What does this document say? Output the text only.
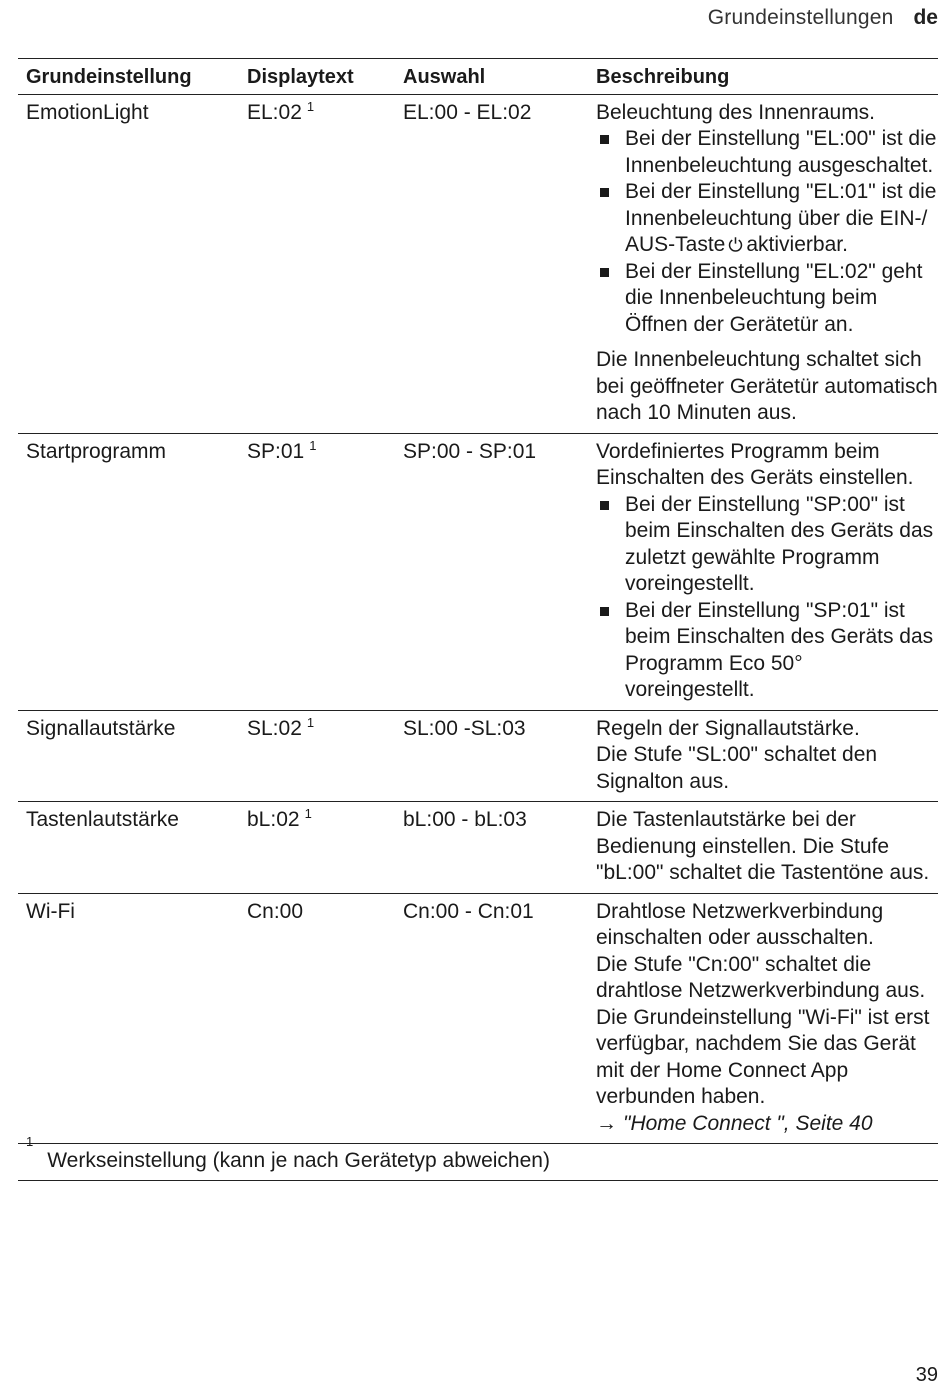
Grundeinstellungen de
Grundeinstellung	Displaytext	Auswahl	Beschreibung
EmotionLight	EL:02 $^1$	EL:00 - EL:02	Beleuchtung des Innenraums.
Bei der Einstellung "EL:00" ist die Innenbeleuchtung ausgeschaltet.
Bei der Einstellung "EL:01" ist die Innenbeleuchtung über die EIN-/ AUS-Taste aktivierbar.
Bei der Einstellung "EL:02" geht die Innenbeleuchtung beim Öffnen der Gerätetür an.
Die Innenbeleuchtung schaltet sich bei geöffneter Gerätetür automatisch nach 10 Minuten aus.
Startprogramm	SP:01 $^1$	SP:00 - SP:01	Vordefiniertes Programm beim Einschalten des Geräts einstellen.
Bei der Einstellung "SP:00" ist beim Einschalten des Geräts das zuletzt gewählte Programm voreingestellt.
Bei der Einstellung "SP:01" ist beim Einschalten des Geräts das Programm Eco 50° voreingestellt.
Signallautstärke	SL:02 $^1$	SL:00 -SL:03	Regeln der Signallautstärke.
Die Stufe "SL:00" schaltet den Signalton aus.
Tastenlautstärke	bL:02 $^1$	bL:00 - bL:03	Die Tastenlautstärke bei der Bedienung einstellen. Die Stufe "bL:00" schaltet die Tastentöne aus.
Wi-Fi	Cn:00	Cn:00 - Cn:01	Drahtlose Netzwerkverbindung einschalten oder ausschalten.
Die Stufe "Cn:00" schaltet die drahtlose Netzwerkverbindung aus.
Die Grundeinstellung "Wi-Fi" ist erst verfügbar, nachdem Sie das Gerät mit der Home Connect App verbunden haben.
→ "Home Connect ", Seite 40
1
Werkseinstellung (kann je nach Gerätetyp abweichen)
39
